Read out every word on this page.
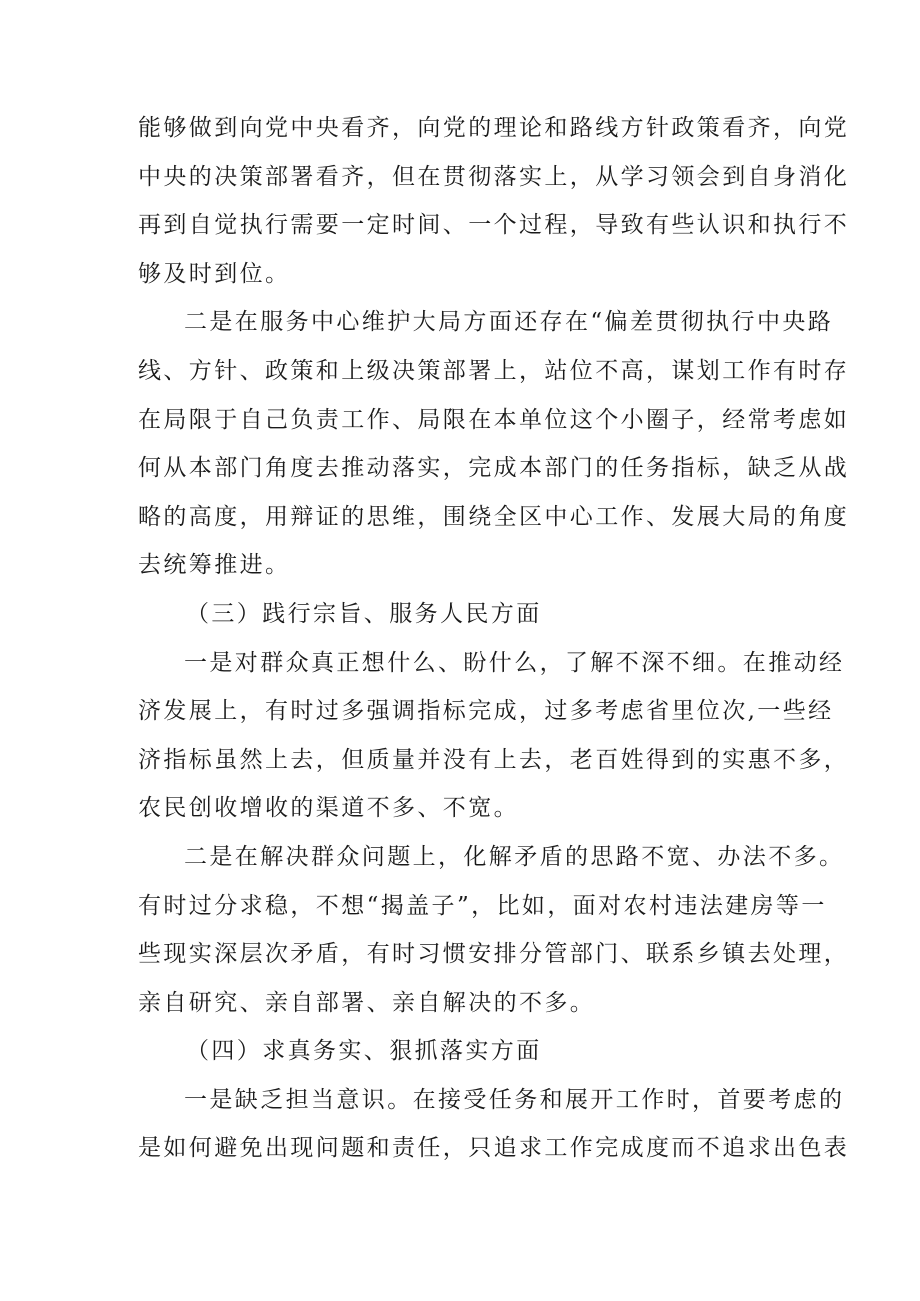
能够做到向党中央看齐，向党的理论和路线方针政策看齐，向党
中央的决策部署看齐，但在贯彻落实上，从学习领会到自身消化
再到自觉执行需要一定时间、一个过程，导致有些认识和执行不
够及时到位。
二是在服务中心维护大局方面还存在“偏差贯彻执行中央路
线、方针、政策和上级决策部署上，站位不高，谋划工作有时存
在局限于自己负责工作、局限在本单位这个小圈子，经常考虑如
何从本部门角度去推动落实，完成本部门的任务指标，缺乏从战
略的高度，用辩证的思维，围绕全区中心工作、发展大局的角度
去统筹推进。
（三）践行宗旨、服务人民方面
一是对群众真正想什么、盼什么，了解不深不细。在推动经
济发展上，有时过多强调指标完成，过多考虑省里位次,一些经
济指标虽然上去，但质量并没有上去，老百姓得到的实惠不多，
农民创收增收的渠道不多、不宽。
二是在解决群众问题上，化解矛盾的思路不宽、办法不多。
有时过分求稳，不想“揭盖子”，比如，面对农村违法建房等一
些现实深层次矛盾，有时习惯安排分管部门、联系乡镇去处理，
亲自研究、亲自部署、亲自解决的不多。
（四）求真务实、狠抓落实方面
一是缺乏担当意识。在接受任务和展开工作时，首要考虑的
是如何避免出现问题和责任，只追求工作完成度而不追求出色表
